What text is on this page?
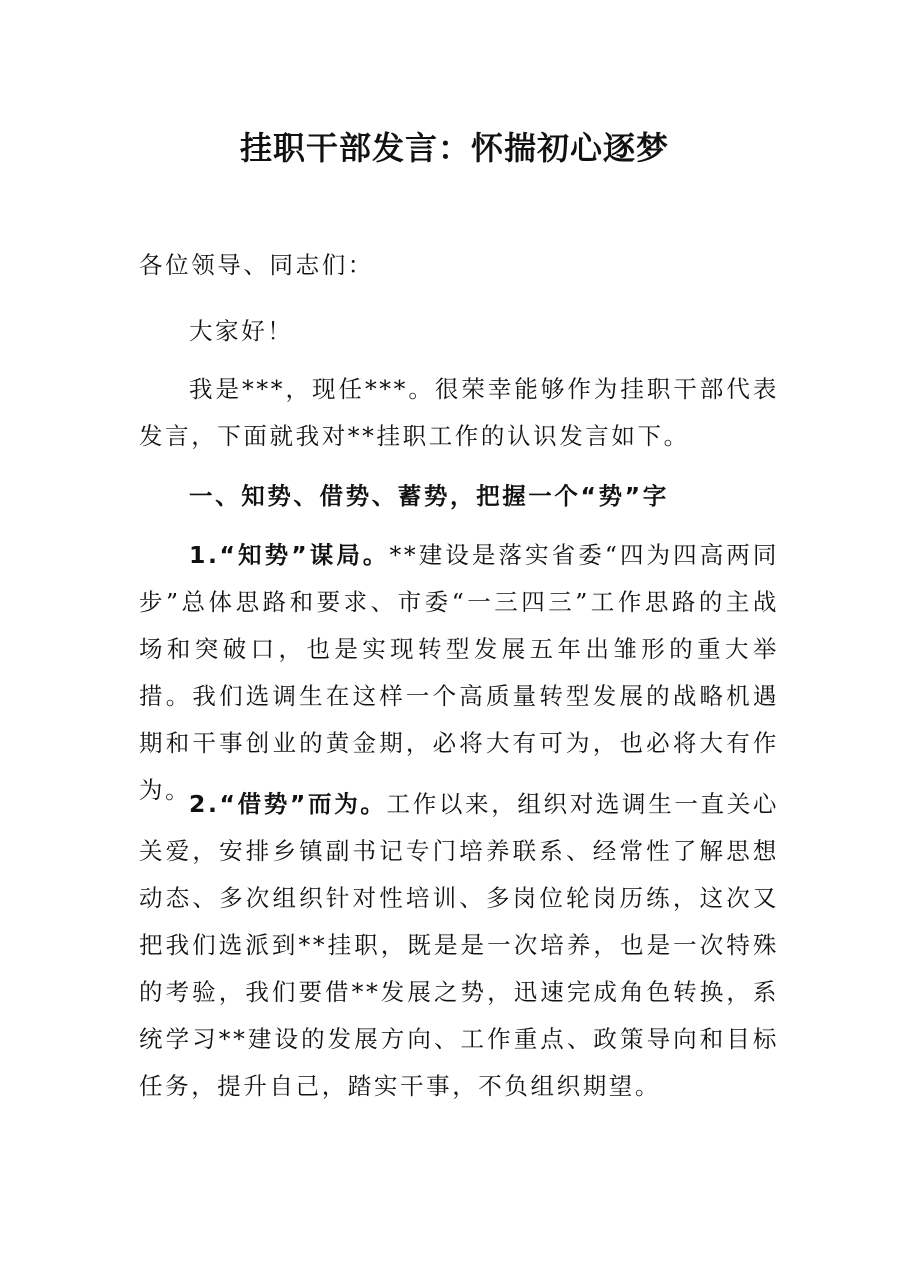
挂职干部发言：怀揣初心逐梦

各位领导、同志们：

大家好！

我是***，现任***。很荣幸能够作为挂职干部代表发言，下面就我对**挂职工作的认识发言如下。

一、知势、借势、蓄势，把握一个“势”字

1.“知势”谋局。**建设是落实省委“四为四高两同步”总体思路和要求、市委“一三四三”工作思路的主战场和突破口，也是实现转型发展五年出雏形的重大举措。我们选调生在这样一个高质量转型发展的战略机遇期和干事创业的黄金期，必将大有可为，也必将大有作为。

2.“借势”而为。工作以来，组织对选调生一直关心关爱，安排乡镇副书记专门培养联系、经常性了解思想动态、多次组织针对性培训、多岗位轮岗历练，这次又把我们选派到**挂职，既是是一次培养，也是一次特殊的考验，我们要借**发展之势，迅速完成角色转换，系统学习**建设的发展方向、工作重点、政策导向和目标任务，提升自己，踏实干事，不负组织期望。
